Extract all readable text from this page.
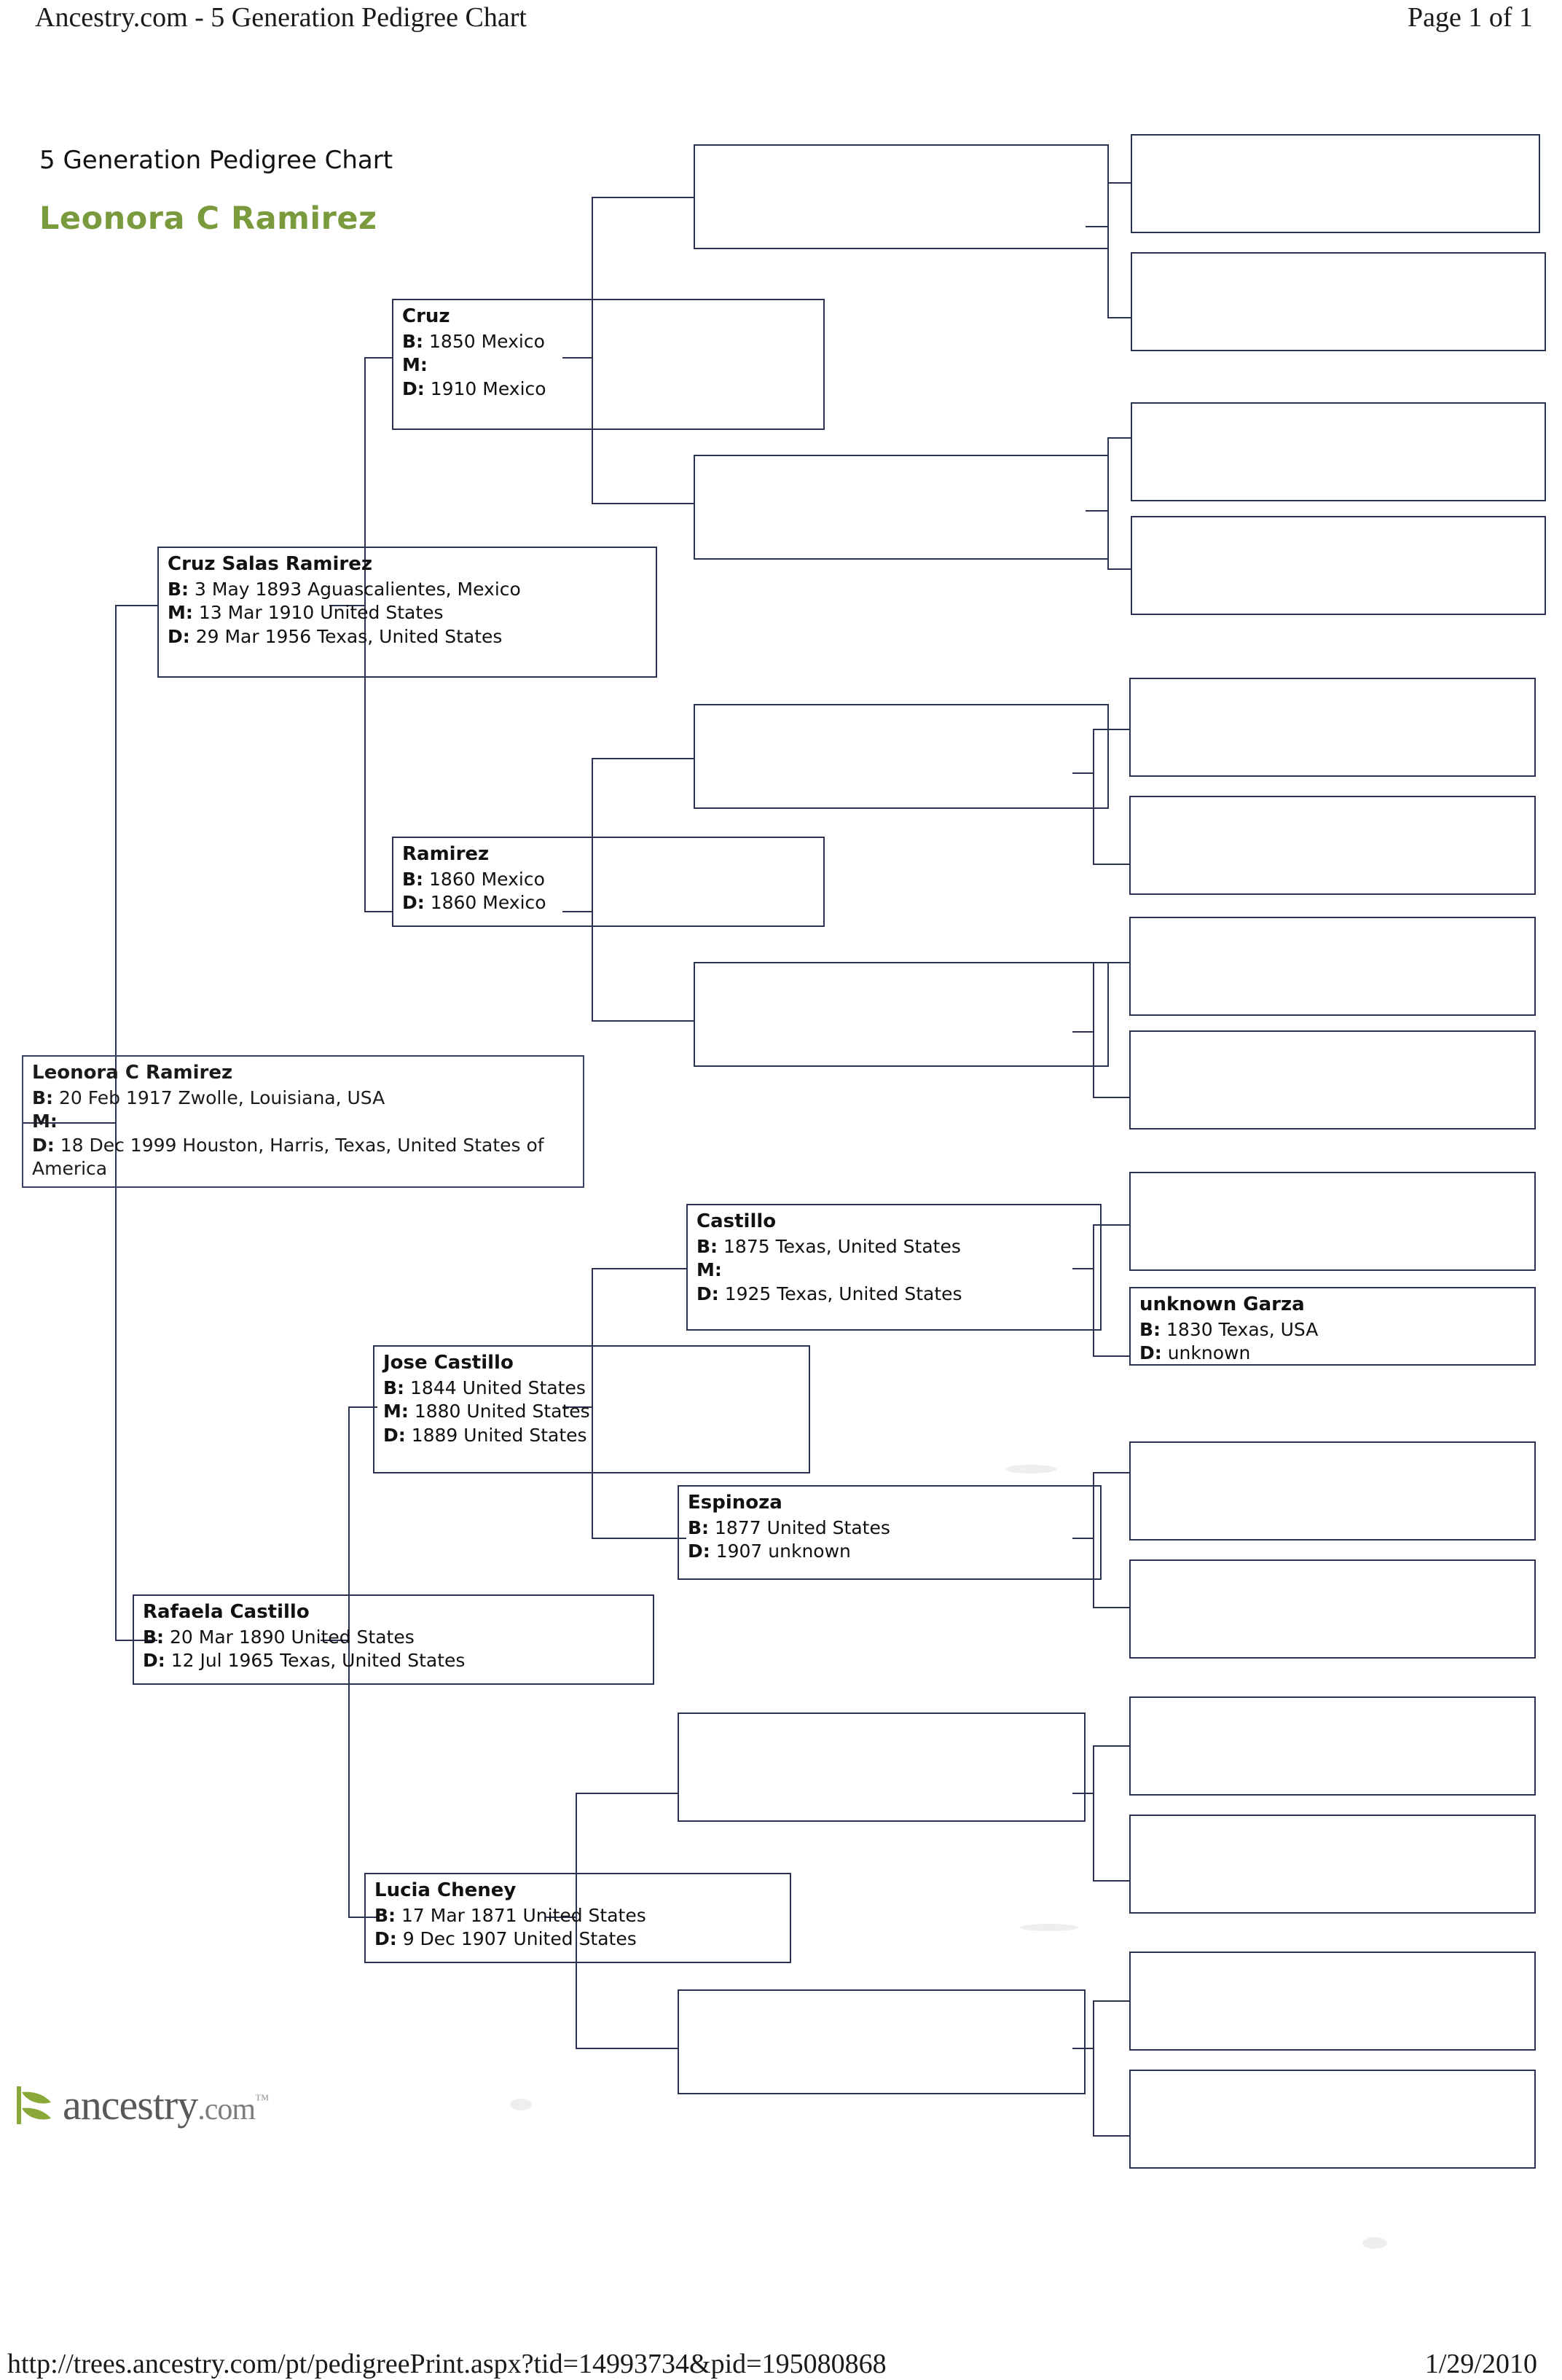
Ancestry.com - 5 Generation Pedigree Chart	Page 1 of 1
5 Generation Pedigree Chart
Leonora C Ramirez
Leonora C Ramirez
B: 20 Feb 1917 Zwolle, Louisiana, USA
M:
D: 18 Dec 1999 Houston, Harris, Texas, United States of America
Cruz Salas Ramirez
B: 3 May 1893 Aguascalientes, Mexico
M: 13 Mar 1910 United States
D: 29 Mar 1956 Texas, United States
Rafaela Castillo
B: 20 Mar 1890 United States
D: 12 Jul 1965 Texas, United States
Cruz
B: 1850 Mexico
M:
D: 1910 Mexico
Ramirez
B: 1860 Mexico
D: 1860 Mexico
Jose Castillo
B: 1844 United States
M: 1880 United States
D: 1889 United States
Lucia Cheney
B: 17 Mar 1871 United States
D: 9 Dec 1907 United States
Castillo
B: 1875 Texas, United States
M:
D: 1925 Texas, United States
Espinoza
B: 1877 United States
D: 1907 unknown
unknown Garza
B: 1830 Texas, USA
D: unknown
ancestry.com™
http://trees.ancestry.com/pt/pedigreePrint.aspx?tid=14993734&pid=195080868	1/29/2010
